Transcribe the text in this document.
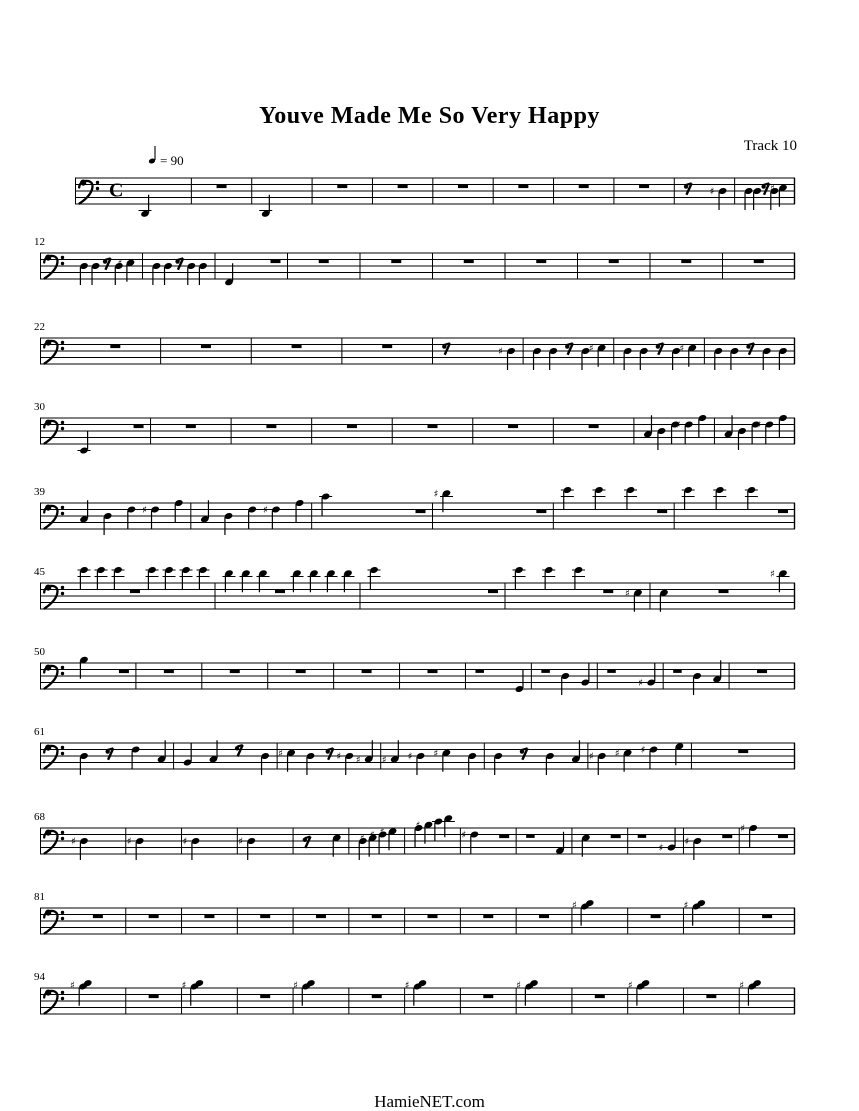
Youve Made Me So Very Happy
Track 10
C
= 90
♯	♯
12
♯
22
♯	♯	♯
30
♯	♯
39
♯	♯
♯
45
♯
♯
50
♯
61
♯	♯ ♯ ♯ ♯ ♯	♯ ♯ ♯
68
♯	♯	♯	♯	♯ ♯ ♯
♯
♯
♯
♯
♯
81
♯	♯
94
♯	♯	♯	♯	♯	♯	♯
HamieNET.com
